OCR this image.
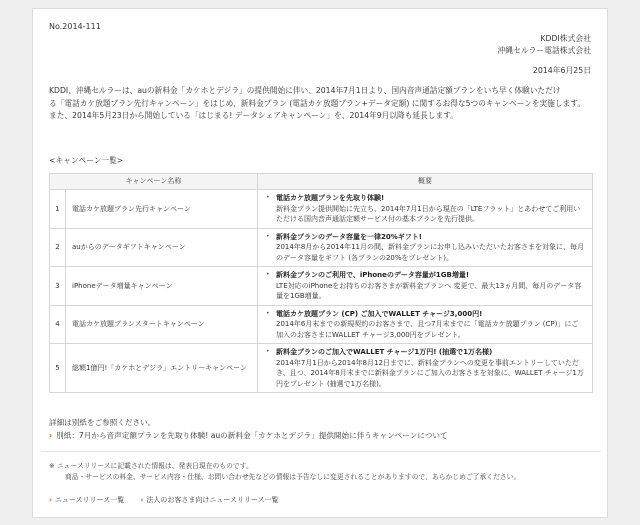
No.2014-111
KDDI株式会社
沖縄セルラー電話株式会社
2014年6月25日
KDDI、沖縄セルラーは、auの新料金「カケホとデジラ」の提供開始に伴い、2014年7月1日より、国内音声通話定額プランをいち早く体験いただけ
る「電話カケ放題プラン先行キャンペーン」をはじめ、新料金プラン (電話カケ放題プラン+データ定額) に関するお得な5つのキャンペーンを実施します。
また、2014年5月23日から開始している「はじまる! データシェアキャンペーン」を、2014年9月以降も延長します。
<キャンペーン一覧>
キャンペーン名称		概要
1	電話カケ放題プラン先行キャンペーン	• 電話カケ放題プランを先取り体験!
新料金プラン提供開始に先立ち、2014年7月1日から現在の「LTEフラット」とあわせてご利用いただける国内音声通話定額サービス付の基本プランを先行提供。

2	auからのデータギフトキャンペーン	• 新料金プランのデータ容量を一律20%ギフト!
2014年8月から2014年11月の間、新料金プランにお申し込みいただいたお客さまを対象に、毎月のデータ容量をギフト (各プランの20%をプレゼント)。

3	iPhoneデータ増量キャンペーン	• 新料金プランのご利用で、iPhoneのデータ容量が1GB増量!
LTE対応のiPhoneをお持ちのお客さまが新料金プランへ 変更で、最大13ヵ月間、毎月のデータ容量を1GB増量。

4	電話カケ放題プランスタートキャンペーン	• 電話カケ放題プラン (CP) ご加入でWALLET チャージ3,000円!
2014年6月末までの新規契約のお客さまで、且つ7月末までに「電話カケ放題プラン (CP)」にご加入のお客さまにWALLET チャージ3,000円をプレゼント。

5	総額1億円!「カケホとデジラ」エントリーキャンペーン	• 新料金プランのご加入でWALLET チャージ1万円! (抽選で1万名様)
2014年7月1日から2014年8月12日までに、新料金プランへの変更を事前エントリーしていただき、且つ、2014年8月末までに新料金プランにご加入のお客さまを対象に、WALLET チャージ1万円をプレゼント (抽選で1万名様)。
詳細は別紙をご参照ください。
› 別紙：7月から音声定額プランを先取り体験! auの新料金「カケホとデジラ」提供開始に伴うキャンペーンについて
※ ニュースリリースに記載された情報は、発表日現在のものです。
商品・サービスの料金、サービス内容・仕様、お問い合わせ先などの情報は予告なしに変更されることがありますので、あらかじめご了承ください。
› ニュースリリース一覧 › 法人のお客さま向けニュースリリース一覧
